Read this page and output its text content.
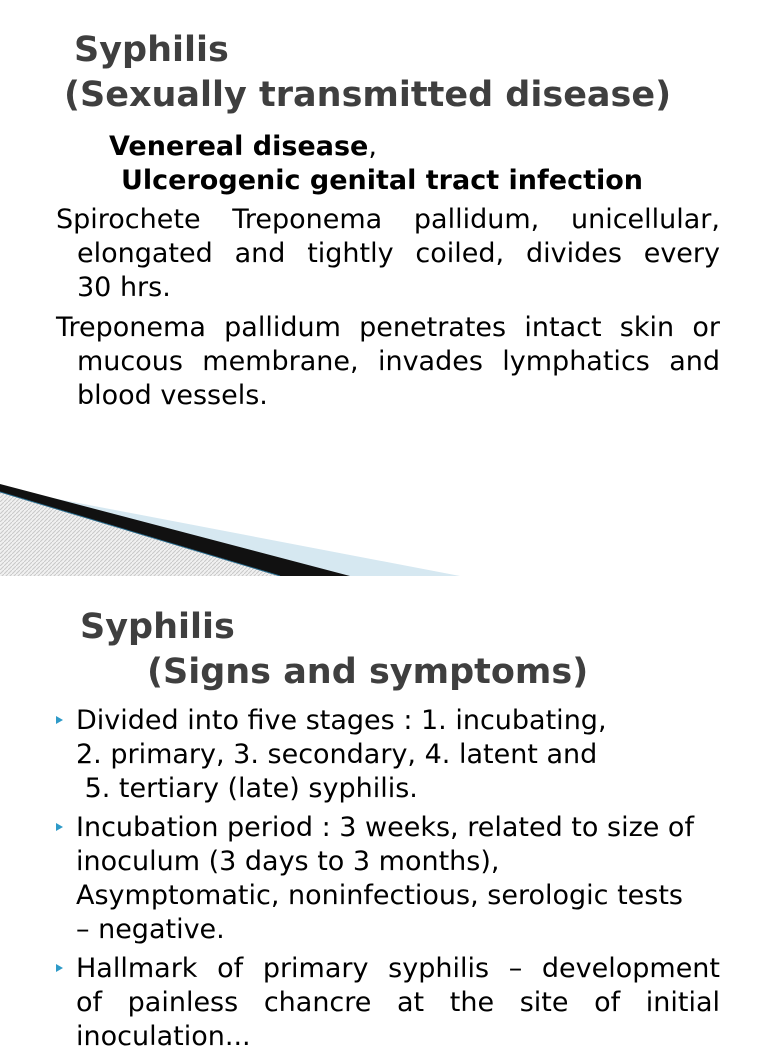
Syphilis
(Sexually transmitted disease)
Venereal disease,
Ulcerogenic genital tract infection
Spirochete Treponema pallidum, unicellular,
elongated and tightly coiled, divides every
30 hrs.
Treponema pallidum penetrates intact skin or
mucous membrane, invades lymphatics and
blood vessels.
Syphilis
(Signs and symptoms)
Divided into five stages : 1. incubating,
2. primary, 3. secondary, 4. latent and
5. tertiary (late) syphilis.
Incubation period : 3 weeks, related to size of
inoculum (3 days to 3 months),
Asymptomatic, noninfectious, serologic tests
– negative.
Hallmark of primary syphilis – development
of painless chancre at the site of initial
inoculation...
